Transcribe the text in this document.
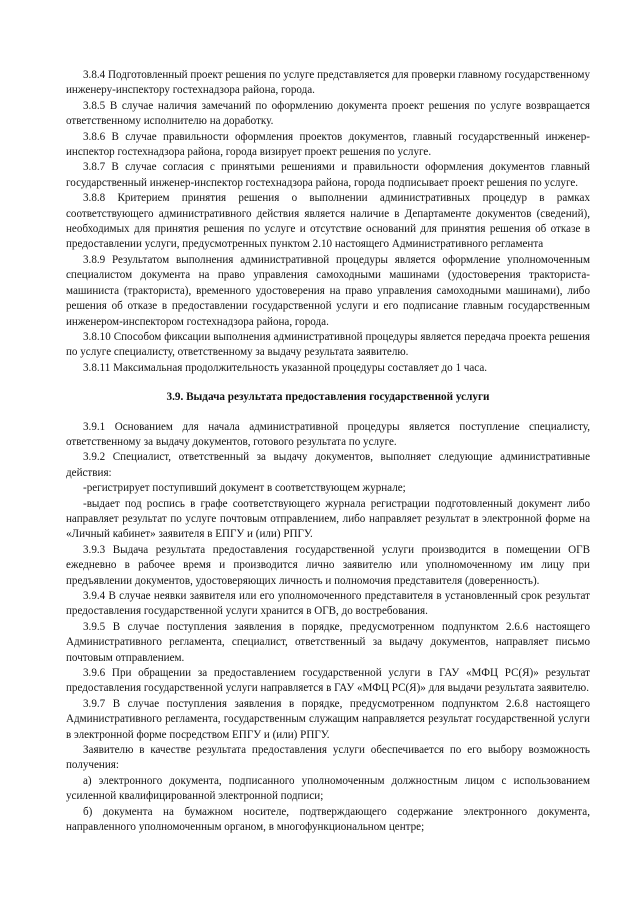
3.8.4 Подготовленный проект решения по услуге представляется для проверки главному государственному инженеру-инспектору гостехнадзора района, города.

3.8.5 В случае наличия замечаний по оформлению документа проект решения по услуге возвращается ответственному исполнителю на доработку.

3.8.6 В случае правильности оформления проектов документов, главный государственный инженер-инспектор гостехнадзора района, города визирует проект решения по услуге.

3.8.7 В случае согласия с принятыми решениями и правильности оформления документов главный государственный инженер-инспектор гостехнадзора района, города подписывает проект решения по услуге.

3.8.8 Критерием принятия решения о выполнении административных процедур в рамках соответствующего административного действия является наличие в Департаменте документов (сведений), необходимых для принятия решения по услуге и отсутствие оснований для принятия решения об отказе в предоставлении услуги, предусмотренных пунктом 2.10 настоящего Административного регламента

3.8.9 Результатом выполнения административной процедуры является оформление уполномоченным специалистом документа на право управления самоходными машинами (удостоверения тракториста-машиниста (тракториста), временного удостоверения на право управления самоходными машинами), либо решения об отказе в предоставлении государственной услуги и его подписание главным государственным инженером-инспектором гостехнадзора района, города.

3.8.10 Способом фиксации выполнения административной процедуры является передача проекта решения по услуге специалисту, ответственному за выдачу результата заявителю.

3.8.11 Максимальная продолжительность указанной процедуры составляет до 1 часа.

3.9. Выдача результата предоставления государственной услуги

3.9.1 Основанием для начала административной процедуры является поступление специалисту, ответственному за выдачу документов, готового результата по услуге.

3.9.2 Специалист, ответственный за выдачу документов, выполняет следующие административные действия:

-регистрирует поступивший документ в соответствующем журнале;

-выдает под роспись в графе соответствующего журнала регистрации подготовленный документ либо направляет результат по услуге почтовым отправлением, либо направляет результат в электронной форме на «Личный кабинет» заявителя в ЕПГУ и (или) РПГУ.

3.9.3 Выдача результата предоставления государственной услуги производится в помещении ОГВ ежедневно в рабочее время и производится лично заявителю или уполномоченному им лицу при предъявлении документов, удостоверяющих личность и полномочия представителя (доверенность).

3.9.4 В случае неявки заявителя или его уполномоченного представителя в установленный срок результат предоставления государственной услуги хранится в ОГВ, до востребования.

3.9.5 В случае поступления заявления в порядке, предусмотренном подпунктом 2.6.6 настоящего Административного регламента, специалист, ответственный за выдачу документов, направляет письмо почтовым отправлением.

3.9.6 При обращении за предоставлением государственной услуги в ГАУ «МФЦ РС(Я)» результат предоставления государственной услуги направляется в ГАУ «МФЦ РС(Я)» для выдачи результата заявителю.

3.9.7 В случае поступления заявления в порядке, предусмотренном подпунктом 2.6.8 настоящего Административного регламента, государственным служащим направляется результат государственной услуги в электронной форме посредством ЕПГУ и (или) РПГУ.

Заявителю в качестве результата предоставления услуги обеспечивается по его выбору возможность получения:

а) электронного документа, подписанного уполномоченным должностным лицом с использованием усиленной квалифицированной электронной подписи;

б) документа на бумажном носителе, подтверждающего содержание электронного документа, направленного уполномоченным органом, в многофункциональном центре;
